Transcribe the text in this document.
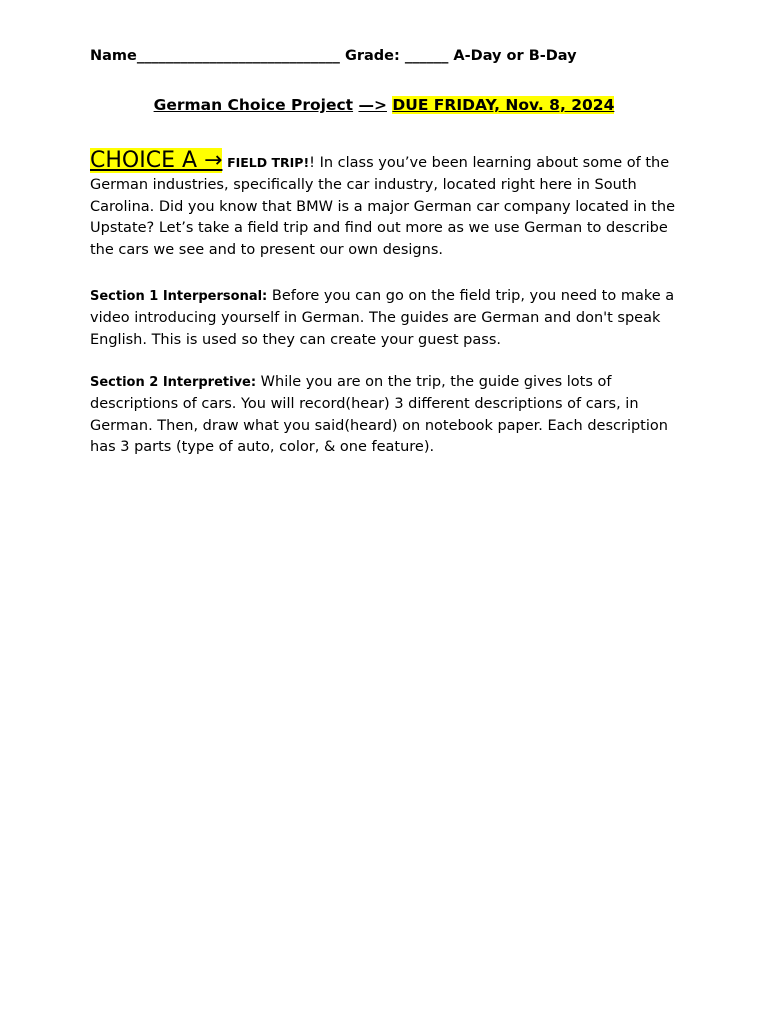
Name____________________________ Grade: ______ A-Day or B-Day
German Choice Project —> DUE FRIDAY, Nov. 8, 2024

CHOICE A → FIELD TRIP!! In class you’ve been learning about some of the German industries, specifically the car industry, located right here in South Carolina. Did you know that BMW is a major German car company located in the Upstate? Let’s take a field trip and find out more as we use German to describe the cars we see and to present our own designs.

Section 1 Interpersonal: Before you can go on the field trip, you need to make a video introducing yourself in German. The guides are German and don't speak English. This is used so they can create your guest pass.

Section 2 Interpretive: While you are on the trip, the guide gives lots of descriptions of cars. You will record(hear) 3 different descriptions of cars, in German. Then, draw what you said(heard) on notebook paper. Each description has 3 parts (type of auto, color, & one feature).
